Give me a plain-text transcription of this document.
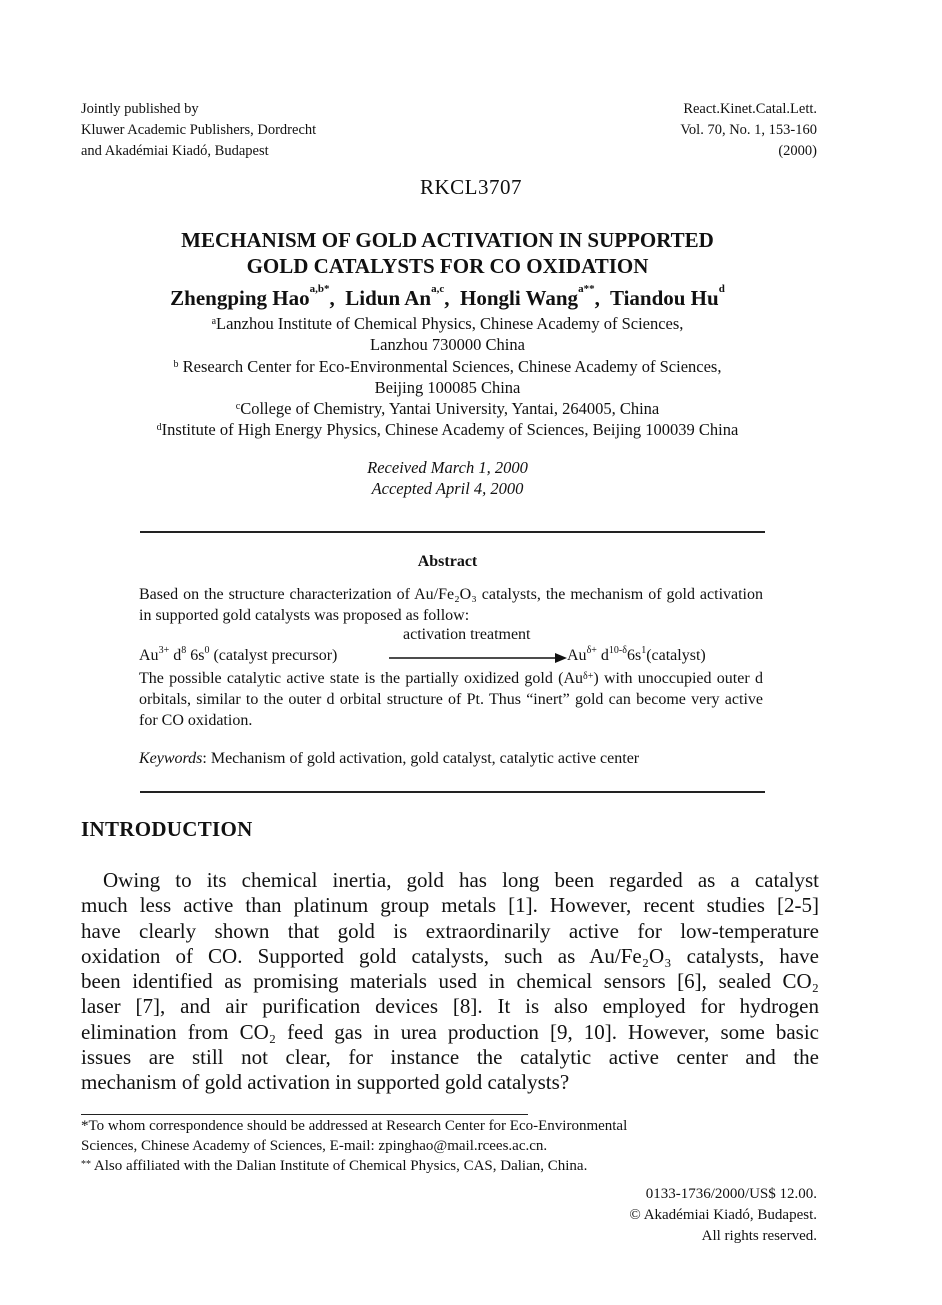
Jointly published by
Kluwer Academic Publishers, Dordrecht
and Akadémiai Kiadó, Budapest
React.Kinet.Catal.Lett.
Vol. 70, No. 1, 153-160
(2000)
RKCL3707
MECHANISM OF GOLD ACTIVATION IN SUPPORTED
GOLD CATALYSTS FOR CO OXIDATION
Zhengping Hao$^{a,b*}$,  Lidun An$^{a,c}$,  Hongli Wang$^{a**}$,  Tiandou Hu$^d$
$^a$Lanzhou Institute of Chemical Physics, Chinese Academy of Sciences,
Lanzhou 730000 China
$^b$ Research Center for Eco-Environmental Sciences, Chinese Academy of Sciences,
Beijing 100085 China
$^c$College of Chemistry, Yantai University, Yantai, 264005, China
$^d$Institute of High Energy Physics, Chinese Academy of Sciences, Beijing 100039 China
Received March 1, 2000
Accepted April 4, 2000
Abstract
Based on the structure characterization of Au/Fe₂O₃ catalysts, the mechanism of gold activation in supported gold catalysts was proposed as follow:
activation treatment
$Au^{3+}$ $d^8$ $6s^0$ (catalyst precursor)	$Au^{\delta+}$ $d^{10-\delta}6s^1(catalyst)$
The possible catalytic active state is the partially oxidized gold $(Au^{\delta+})$ with unoccupied outer d orbitals, similar to the outer d orbital structure of Pt. Thus “inert” gold can become very active for CO oxidation.
Keywords: Mechanism of gold activation, gold catalyst, catalytic active center
INTRODUCTION
Owing to its chemical inertia, gold has long been regarded as a catalyst
much less active than platinum group metals [1]. However, recent studies [2-5]
have clearly shown that gold is extraordinarily active for low-temperature
oxidation of CO. Supported gold catalysts, such as Au/Fe₂O₃ catalysts, have
been identified as promising materials used in chemical sensors [6], sealed CO₂
laser [7], and air purification devices [8]. It is also employed for hydrogen
elimination from CO₂ feed gas in urea production [9, 10]. However, some basic
issues are still not clear, for instance the catalytic active center and the
mechanism of gold activation in supported gold catalysts?
*To whom correspondence should be addressed at Research Center for Eco-Environmental
Sciences, Chinese Academy of Sciences, E-mail: zpinghao@mail.rcees.ac.cn.
** Also affiliated with the Dalian Institute of Chemical Physics, CAS, Dalian, China.
0133-1736/2000/US$ 12.00.
© Akadémiai Kiadó, Budapest.
All rights reserved.
